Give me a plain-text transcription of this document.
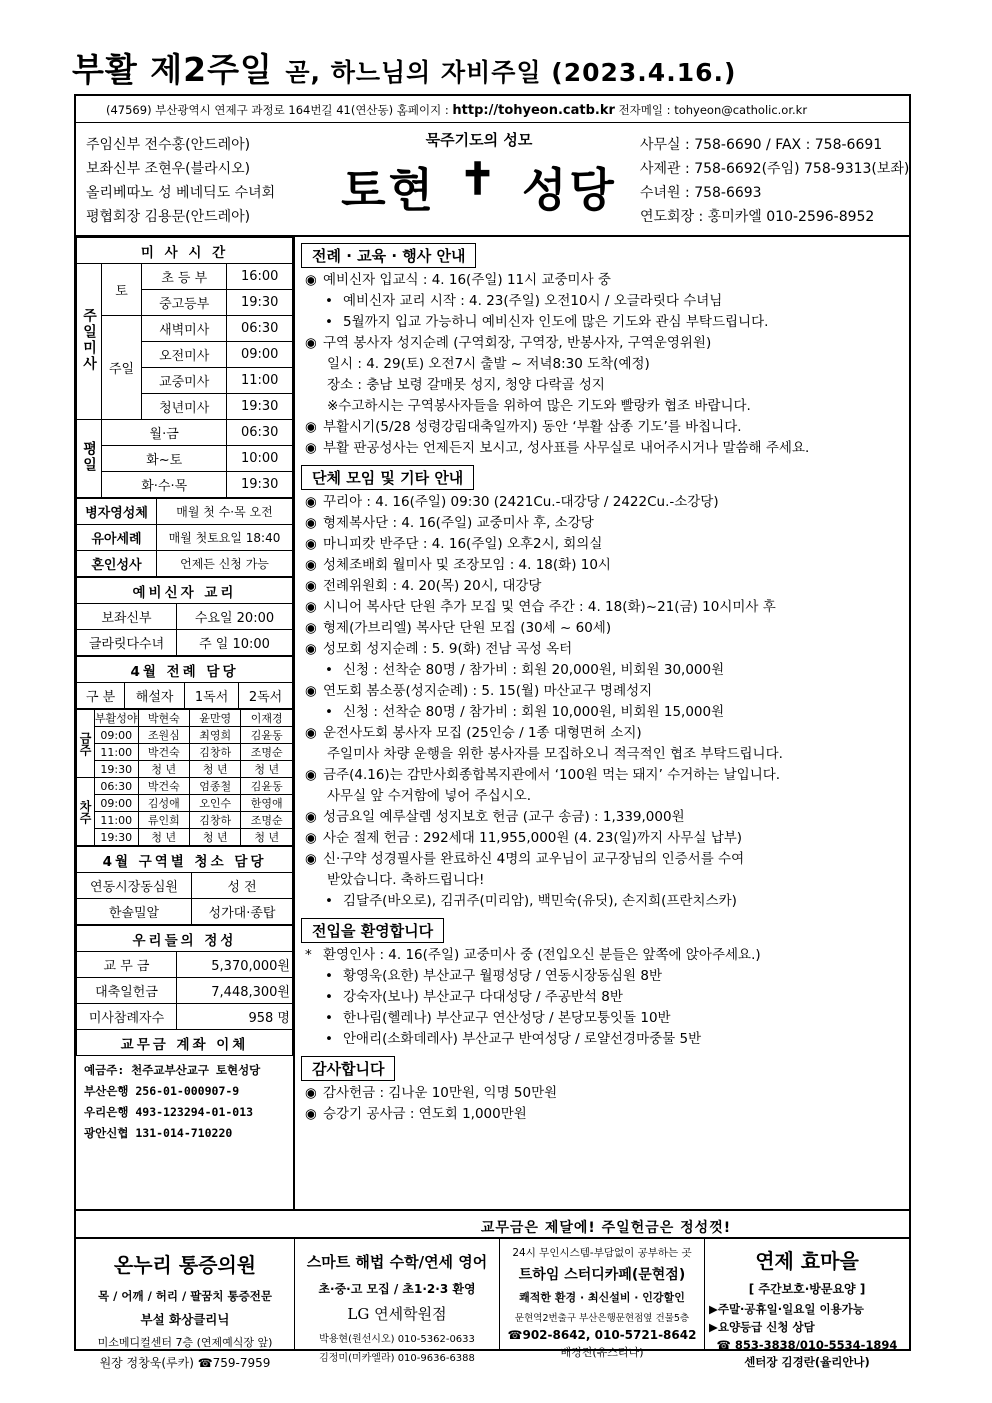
부활 제2주일 곧, 하느님의 자비주일 (2023.4.16.)
(47569) 부산광역시 연제구 과정로 164번길 41(연산동) 홈페이지 : http://tohyeon.catb.kr 전자메일 : tohyeon@catholic.or.kr
주임신부 전수홍(안드레아)
보좌신부 조현우(블라시오)
올리베따노 성 베네딕도 수녀회
평협회장 김용문(안드레아)
묵주기도의 성모
토현 ✝ 성당
사무실 : 758-6690 / FAX : 758-6691
사제관 : 758-6692(주임) 758-9313(보좌)
수녀원 : 758-6693
연도회장 : 홍미카엘 010-2596-8952
미 사 시 간			
주일미사	토	초 등 부	16:00
		중고등부	19:30
	주일	새벽미사	06:30
		오전미사	09:00
		교중미사	11:00
		청년미사	19:30
평일	월·금		06:30
	화~토		10:00
	화·수·목		19:30
병자영성체	매월 첫 수·목 오전
유아세례	매월 첫토요일 18:40
혼인성사	언제든 신청 가능
예비신자 교리	
보좌신부	수요일 20:00
글라릿다수녀	주 일 10:00
4월 전례 담당
구 분	해설자	1독서	2독서
금주	부활성야	박현숙	윤만영	이재경
	09:00	조원심	최영희	김윤동
	11:00	박건숙	김창하	조명순
	19:30	청 년	청 년	청 년
차주	06:30	박건숙	엄종철	김윤동
	09:00	김성애	오인수	한영애
	11:00	류인희	김창하	조명순
	19:30	청 년	청 년	청 년
4월 구역별 청소 담당	
연동시장동심원	성 전
한솔밀알	성가대·종탑
우리들의 정성	
교 무 금	5,370,000원
대축일헌금	7,448,300원
미사참례자수	958 명
교무금 계좌 이체	
예금주: 천주교부산교구 토현성당
부산은행 256-01-000907-9
우리은행 493-123294-01-013
광안신협 131-014-710220
전례 · 교육 · 행사 안내
◉ 예비신자 입교식 : 4. 16(주일) 11시 교중미사 중
• 예비신자 교리 시작 : 4. 23(주일) 오전10시 / 오글라릿다 수녀님
• 5월까지 입교 가능하니 예비신자 인도에 많은 기도와 관심 부탁드립니다.
◉ 구역 봉사자 성지순례 (구역회장, 구역장, 반봉사자, 구역운영위원)
일시 : 4. 29(토) 오전7시 출발 ~ 저녁8:30 도착(예정)
장소 : 충남 보령 갈매못 성지, 청양 다락골 성지
※수고하시는 구역봉사자들을 위하여 많은 기도와 빨랑카 협조 바랍니다.
◉ 부활시기(5/28 성령강림대축일까지) 동안 ‘부활 삼종 기도’를 바칩니다.
◉ 부활 판공성사는 언제든지 보시고, 성사표를 사무실로 내어주시거나 말씀해 주세요.
단체 모임 및 기타 안내
◉ 꾸리아 : 4. 16(주일) 09:30 (2421Cu.-대강당 / 2422Cu.-소강당)
◉ 형제복사단 : 4. 16(주일) 교중미사 후, 소강당
◉ 마니피캇 반주단 : 4. 16(주일) 오후2시, 회의실
◉ 성체조배회 월미사 및 조장모임 : 4. 18(화) 10시
◉ 전례위원회 : 4. 20(목) 20시, 대강당
◉ 시니어 복사단 단원 추가 모집 및 연습 주간 : 4. 18(화)~21(금) 10시미사 후
◉ 형제(가브리엘) 복사단 단원 모집 (30세 ~ 60세)
◉ 성모회 성지순례 : 5. 9(화) 전남 곡성 옥터
• 신청 : 선착순 80명 / 참가비 : 회원 20,000원, 비회원 30,000원
◉ 연도회 봄소풍(성지순례) : 5. 15(월) 마산교구 명례성지
• 신청 : 선착순 80명 / 참가비 : 회원 10,000원, 비회원 15,000원
◉ 운전사도회 봉사자 모집 (25인승 / 1종 대형면허 소지)
주일미사 차량 운행을 위한 봉사자를 모집하오니 적극적인 협조 부탁드립니다.
◉ 금주(4.16)는 감만사회종합복지관에서 ‘100원 먹는 돼지’ 수거하는 날입니다.
사무실 앞 수거함에 넣어 주십시오.
◉ 성금요일 예루살렘 성지보호 헌금 (교구 송금) : 1,339,000원
◉ 사순 절제 헌금 : 292세대 11,955,000원 (4. 23(일)까지 사무실 납부)
◉ 신·구약 성경필사를 완료하신 4명의 교우님이 교구장님의 인증서를 수여
받았습니다. 축하드립니다!
• 김달주(바오로), 김귀주(미리암), 백민숙(유딧), 손지희(프란치스카)
전입을 환영합니다
* 환영인사 : 4. 16(주일) 교중미사 중 (전입오신 분들은 앞쪽에 앉아주세요.)
• 황영욱(요한) 부산교구 월평성당 / 연동시장동심원 8반
• 강숙자(보나) 부산교구 다대성당 / 주공반석 8반
• 한나림(헬레나) 부산교구 연산성당 / 본당모퉁잇돌 10반
• 안애리(소화데레사) 부산교구 반여성당 / 로얄선경마중물 5반
감사합니다
◉ 감사헌금 : 김나운 10만원, 익명 50만원
◉ 승강기 공사금 : 연도회 1,000만원
교무금은 제달에! 주일헌금은 정성껏!
온누리 통증의원
목 / 어깨 / 허리 / 팔꿈치 통증전문
부설 화상클리닉
미소메디컬센터 7층 (연제예식장 앞)
원장 정창욱(루카) ☎759-7959
스마트 해법 수학/연세 영어
초·중·고 모집 / 초1·2·3 환영
LG 연세학원점
박용현(원선시오) 010-5362-0633
김정미(미카엘라) 010-9636-6388
24시 무인시스템-부담없이 공부하는 곳
트하임 스터디카페(문현점)
쾌적한 환경 · 최신설비 · 인강할인
문현역2번출구 부산은행문현점옆 건물5층
☎902-8642, 010-5721-8642
배경진(유스티나)
연제 효마을
[ 주간보호·방문요양 ]
▶주말·공휴일·일요일 이용가능
▶요양등급 신청 상담
☎ 853-3838/010-5534-1894
센터장 김경란(율리안나)
